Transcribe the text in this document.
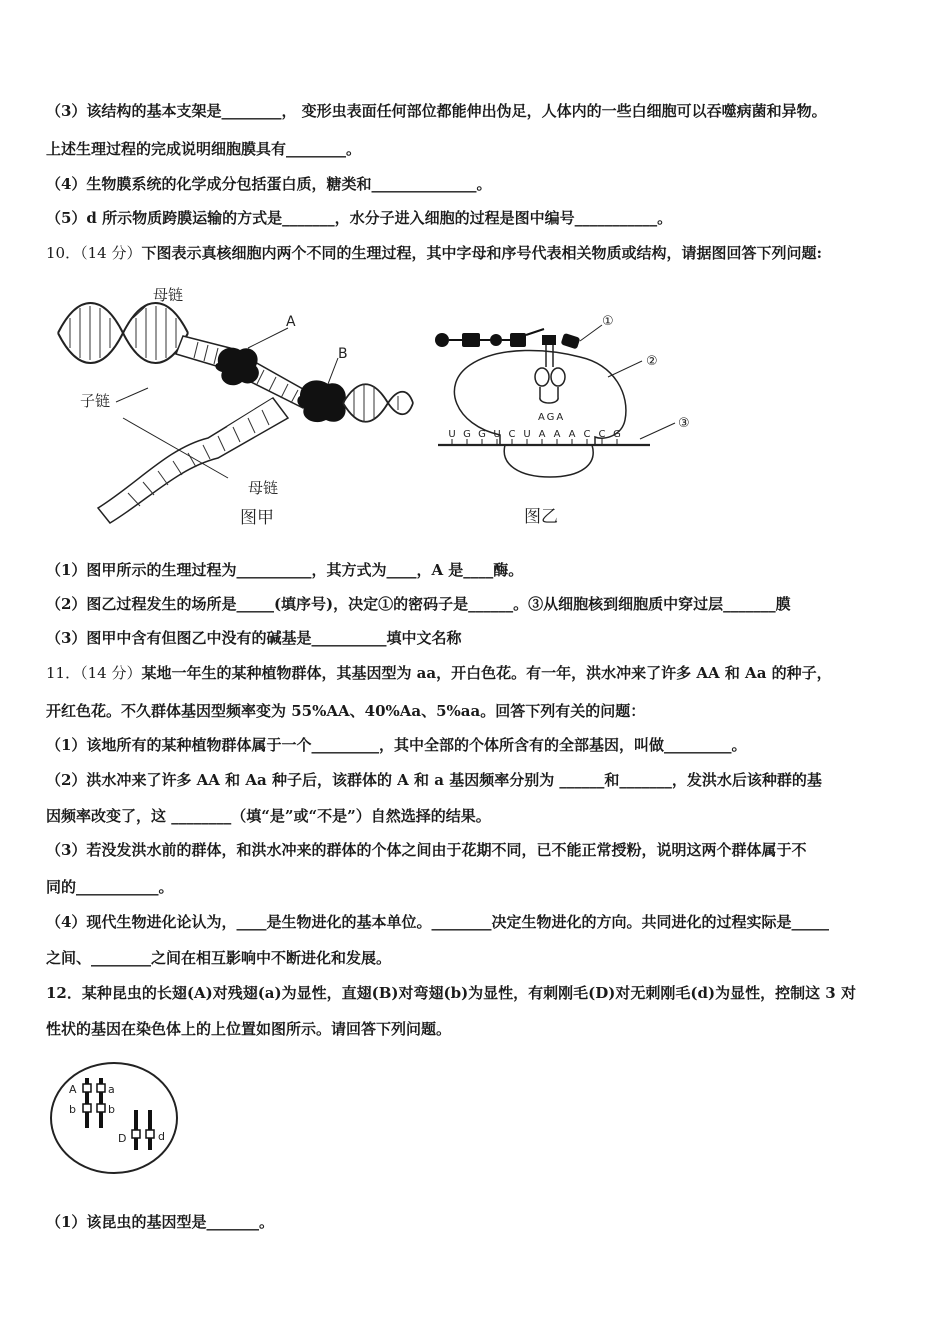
（3）该结构的基本支架是________， 变形虫表面任何部位都能伸出伪足，人体内的一些白细胞可以吞噬病菌和异物。
上述生理过程的完成说明细胞膜具有________。
（4）生物膜系统的化学成分包括蛋白质，糖类和______________。
（5）d 所示物质跨膜运输的方式是_______，水分子进入细胞的过程是图中编号___________。
10．（14 分）下图表示真核细胞内两个不同的生理过程，其中字母和序号代表相关物质或结构，请据图回答下列问题:
A
B
母链
子链
母链
图甲
AGA
U G G U C U A A A C C G
①
②
③
图乙
（1）图甲所示的生理过程为__________，其方式为____，A 是____酶。
（2）图乙过程发生的场所是_____(填序号)，决定①的密码子是______。③从细胞核到细胞质中穿过层_______膜
（3）图甲中含有但图乙中没有的碱基是__________填中文名称
11．（14 分）某地一年生的某种植物群体，其基因型为 aa，开白色花。有一年，洪水冲来了许多 AA 和 Aa 的种子，
开红色花。不久群体基因型频率变为 55%AA、40%Aa、5%aa。回答下列有关的问题：
（1）该地所有的某种植物群体属于一个_________，其中全部的个体所含有的全部基因，叫做_________。
（2）洪水冲来了许多 AA 和 Aa 种子后，该群体的 A 和 a 基因频率分别为 ______和_______，发洪水后该种群的基
因频率改变了，这 ________（填“是”或“不是”）自然选择的结果。
（3）若没发洪水前的群体，和洪水冲来的群体的个体之间由于花期不同，已不能正常授粉，说明这两个群体属于不
同的___________。
（4）现代生物进化论认为，____是生物进化的基本单位。________决定生物进化的方向。共同进化的过程实际是_____
之间、________之间在相互影响中不断进化和发展。
12．某种昆虫的长翅(A)对残翅(a)为显性，直翅(B)对弯翅(b)为显性，有刺刚毛(D)对无刺刚毛(d)为显性，控制这 3 对
性状的基因在染色体上的上位置如图所示。请回答下列问题。
A	a
b	b
D	d
（1）该昆虫的基因型是_______。
